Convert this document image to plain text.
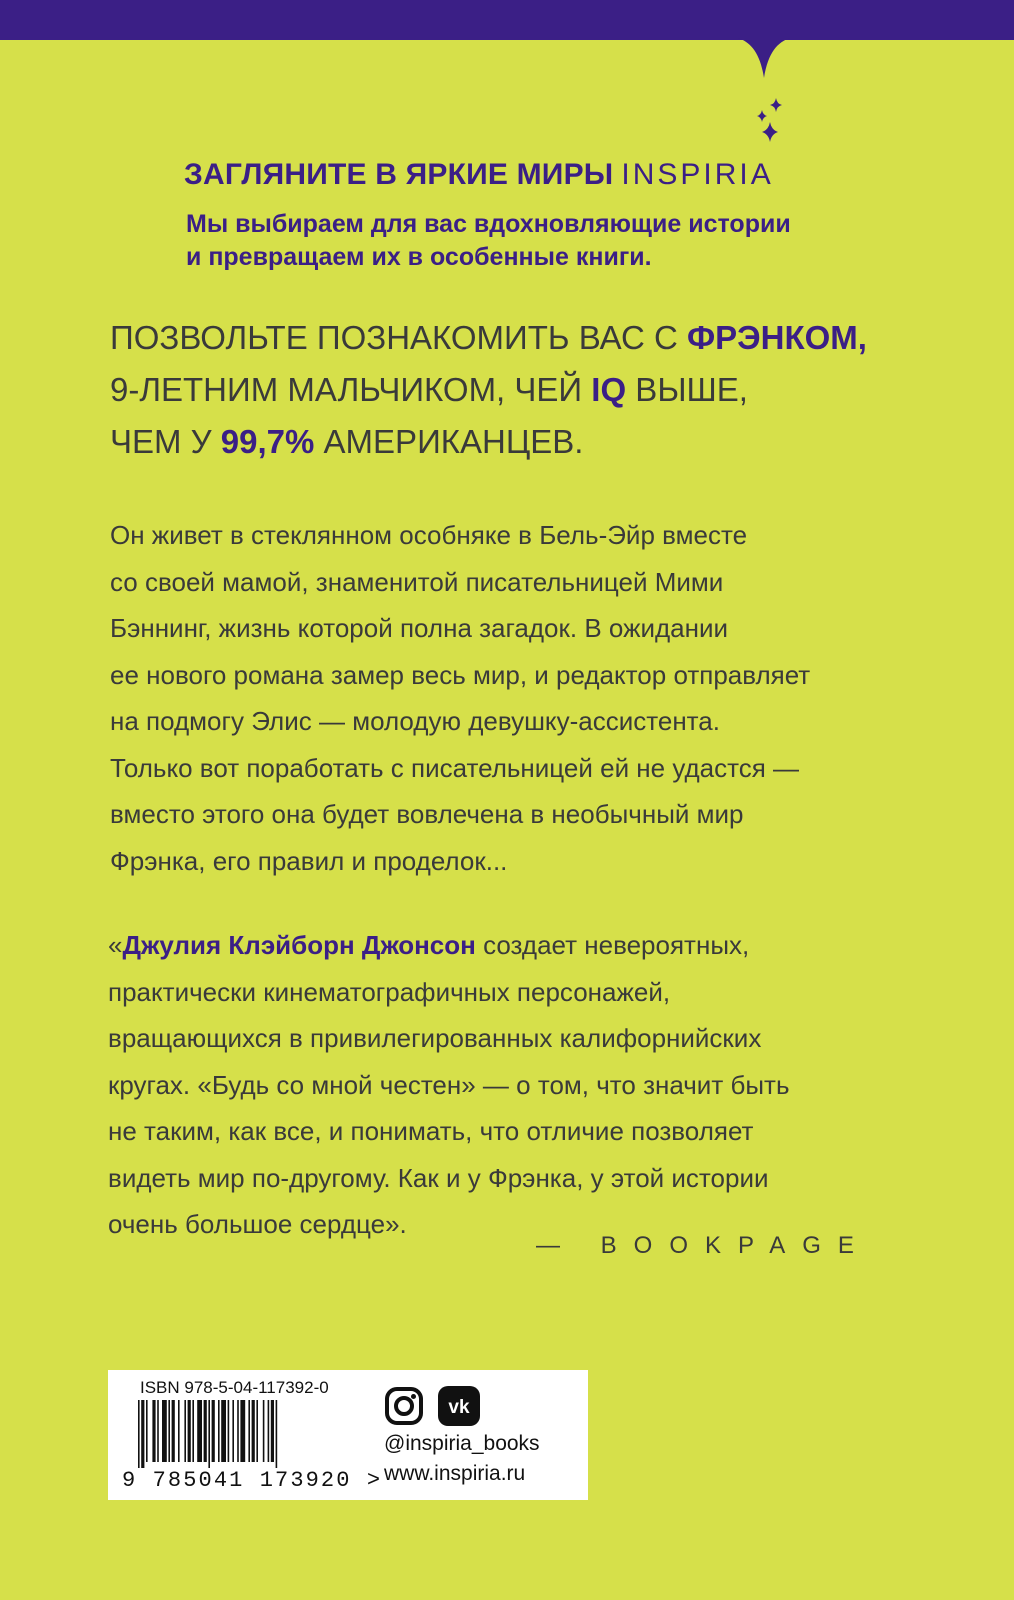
ЗАГЛЯНИТЕ В ЯРКИЕ МИРЫ INSPIRIA
Мы выбираем для вас вдохновляющие истории
и превращаем их в особенные книги.
ПОЗВОЛЬТЕ ПОЗНАКОМИТЬ ВАС С ФРЭНКОМ,
9-ЛЕТНИМ МАЛЬЧИКОМ, ЧЕЙ IQ ВЫШЕ,
ЧЕМ У 99,7% АМЕРИКАНЦЕВ.
Он живет в стеклянном особняке в Бель-Эйр вместе
со своей мамой, знаменитой писательницей Мими
Бэннинг, жизнь которой полна загадок. В ожидании
ее нового романа замер весь мир, и редактор отправляет
на подмогу Элис — молодую девушку-ассистента.
Только вот поработать с писательницей ей не удастся —
вместо этого она будет вовлечена в необычный мир
Фрэнка, его правил и проделок...
«Джулия Клэйборн Джонсон создает невероятных,
практически кинематографичных персонажей,
вращающихся в привилегированных калифорнийских
кругах. «Будь со мной честен» — о том, что значит быть
не таким, как все, и понимать, что отличие позволяет
видеть мир по-другому. Как и у Фрэнка, у этой истории
очень большое сердце».
— BOOKPAGE
ISBN 978-5-04-117392-0
9 785041 173920 >
vk
@inspiria_books
www.inspiria.ru
